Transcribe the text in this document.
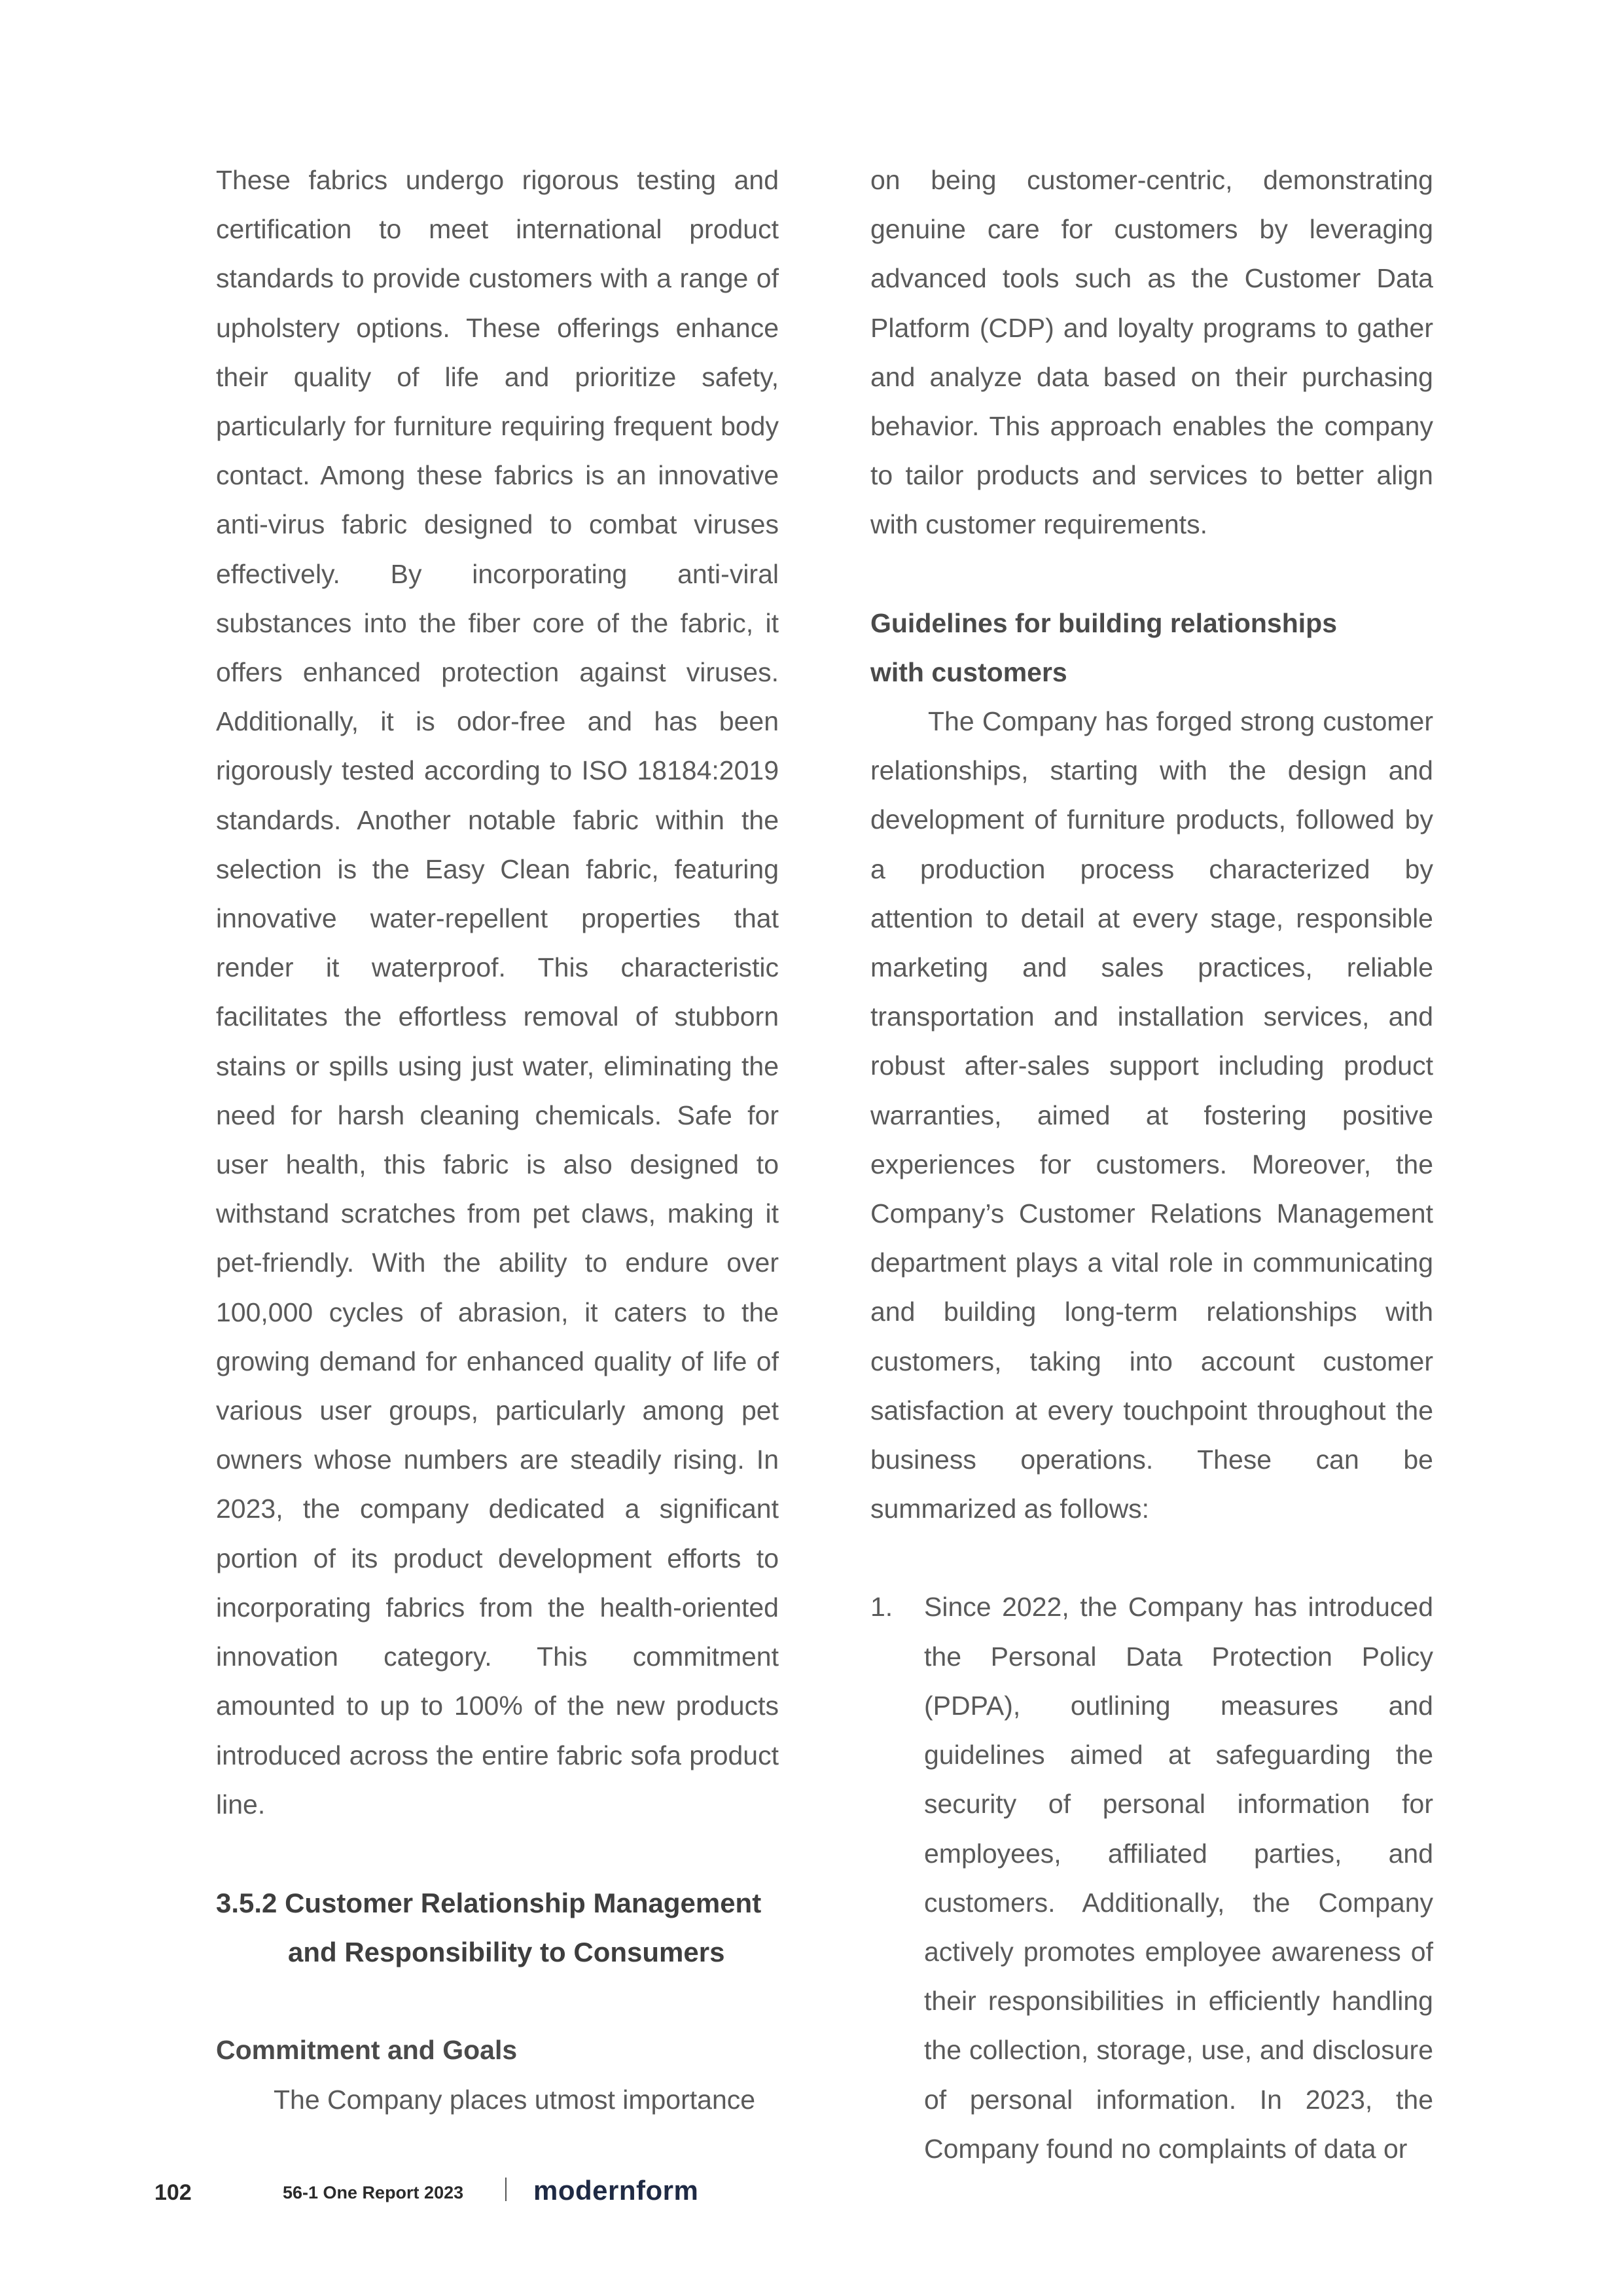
These fabrics undergo rigorous testing and certification to meet international product standards to provide customers with a range of upholstery options. These offerings enhance their quality of life and prioritize safety, particularly for furniture requiring frequent body contact. Among these fabrics is an innovative anti-virus fabric designed to combat viruses effectively. By incorporating anti-viral substances into the fiber core of the fabric, it offers enhanced protection against viruses. Additionally, it is odor-free and has been rigorously tested according to ISO 18184:2019 standards. Another notable fabric within the selection is the Easy Clean fabric, featuring innovative water-repellent properties that render it waterproof. This characteristic facilitates the effortless removal of stubborn stains or spills using just water, eliminating the need for harsh cleaning chemicals. Safe for user health, this fabric is also designed to withstand scratches from pet claws, making it pet-friendly. With the ability to endure over 100,000 cycles of abrasion, it caters to the growing demand for enhanced quality of life of various user groups, particularly among pet owners whose numbers are steadily rising. In 2023, the company dedicated a significant portion of its product development efforts to incorporating fabrics from the health-oriented innovation category. This commitment amounted to up to 100% of the new products introduced across the entire fabric sofa product line.

3.5.2 Customer Relationship Management
and Responsibility to Consumers
Commitment and Goals

The Company places utmost importance

on being customer-centric, demonstrating genuine care for customers by leveraging advanced tools such as the Customer Data Platform (CDP) and loyalty programs to gather and analyze data based on their purchasing behavior. This approach enables the company to tailor products and services to better align with customer requirements.

Guidelines for building relationships
with customers

The Company has forged strong customer relationships, starting with the design and development of furniture products, followed by a production process characterized by attention to detail at every stage, responsible marketing and sales practices, reliable transportation and installation services, and robust after-sales support including product warranties, aimed at fostering positive experiences for customers. Moreover, the Company’s Customer Relations Management department plays a vital role in communicating and building long-term relationships with customers, taking into account customer satisfaction at every touchpoint throughout the business operations. These can be summarized as follows:

1. Since 2022, the Company has introduced the Personal Data Protection Policy (PDPA), outlining measures and guidelines aimed at safeguarding the security of personal information for employees, affiliated parties, and customers. Additionally, the Company actively promotes employee awareness of their responsibilities in efficiently handling the collection, storage, use, and disclosure of personal information. In 2023, the Company found no complaints of data or

102	56-1 One Report 2023	modernform
